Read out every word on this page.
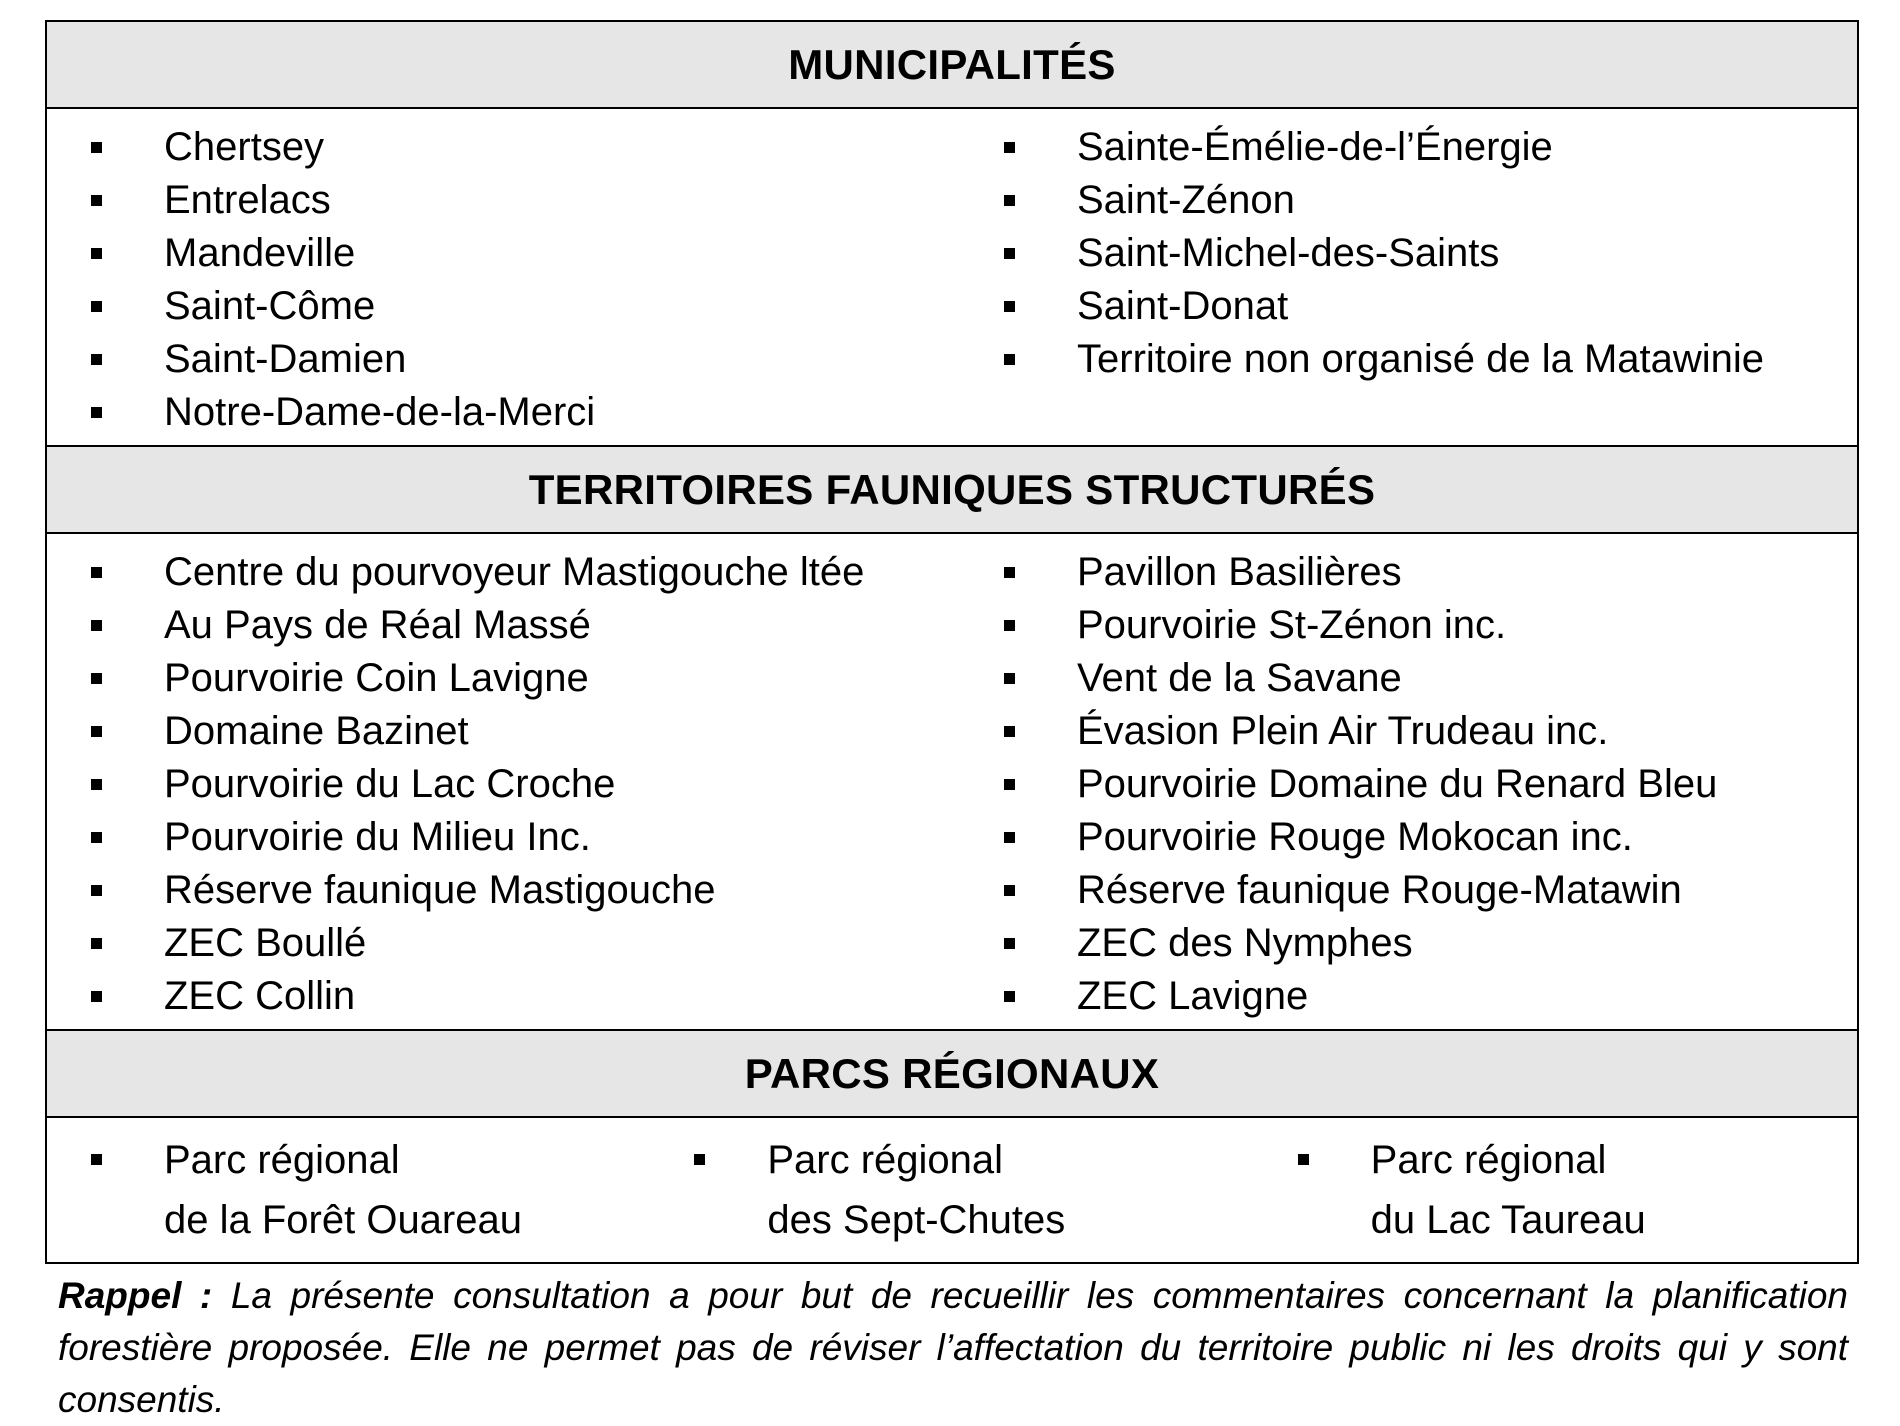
MUNICIPALITÉS

Chertsey
Entrelacs
Mandeville
Saint-Côme
Saint-Damien
Notre-Dame-de-la-Merci
Sainte-Émélie-de-l’Énergie
Saint-Zénon
Saint-Michel-des-Saints
Saint-Donat
Territoire non organisé de la Matawinie

TERRITOIRES FAUNIQUES STRUCTURÉS

Centre du pourvoyeur Mastigouche ltée
Au Pays de Réal Massé
Pourvoirie Coin Lavigne
Domaine Bazinet
Pourvoirie du Lac Croche
Pourvoirie du Milieu Inc.
Réserve faunique Mastigouche
ZEC Boullé
ZEC Collin
Pavillon Basilières
Pourvoirie St-Zénon inc.
Vent de la Savane
Évasion Plein Air Trudeau inc.
Pourvoirie Domaine du Renard Bleu
Pourvoirie Rouge Mokocan inc.
Réserve faunique Rouge-Matawin
ZEC des Nymphes
ZEC Lavigne

PARCS RÉGIONAUX

Parc régional
de la Forêt Ouareau
Parc régional
des Sept-Chutes
Parc régional
du Lac Taureau
Rappel : La présente consultation a pour but de recueillir les commentaires concernant la planification forestière proposée. Elle ne permet pas de réviser l’affectation du territoire public ni les droits qui y sont consentis.
